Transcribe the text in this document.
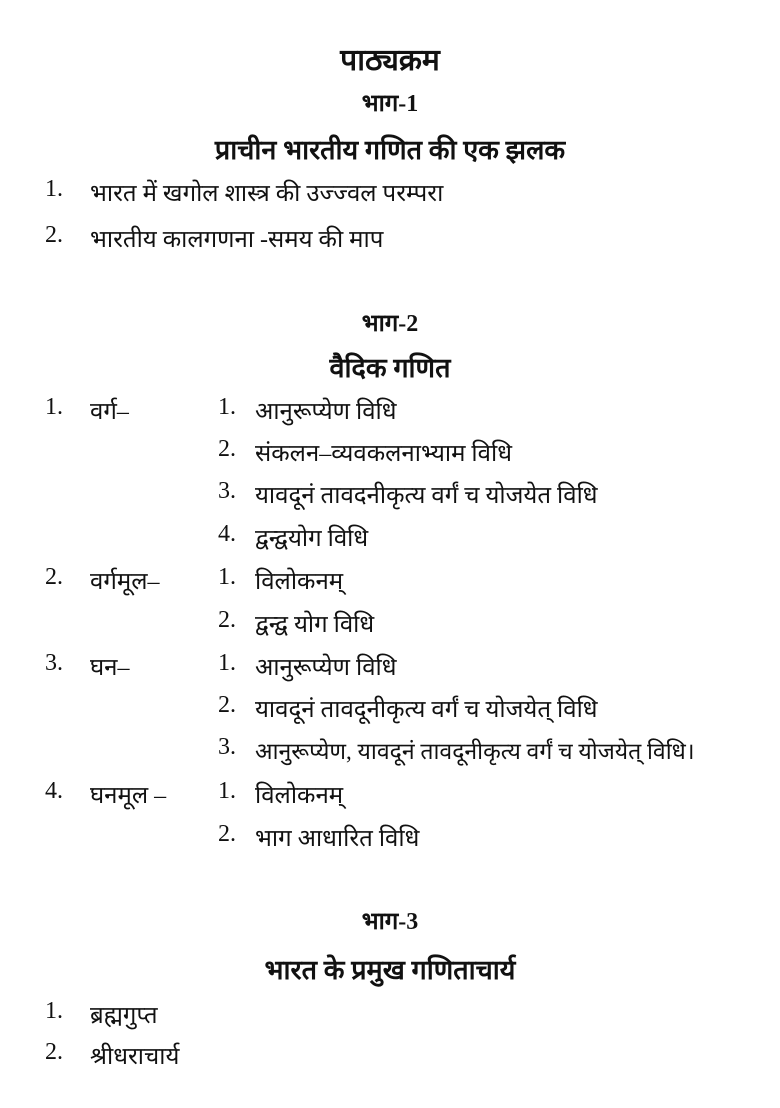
पाठ्यक्रम
भाग-1
प्राचीन भारतीय गणित की एक झलक
1. भारत में खगोल शास्त्र की उज्ज्वल परम्परा
2. भारतीय कालगणना -समय की माप
भाग-2
वैदिक गणित
1. वर्ग–	1. आनुरूप्येण विधि
2. संकलन–व्यवकलनाभ्याम विधि
3. यावदूनं तावदनीकृत्य वर्गं च योजयेत विधि
4. द्वन्द्वयोग विधि
2. वर्गमूल– 1. विलोकनम्
2. द्वन्द्व योग विधि
3. घन–	1. आनुरूप्येण विधि
2. यावदूनं तावदूनीकृत्य वर्गं च योजयेत् विधि
3. आनुरूप्येण, यावदूनं तावदूनीकृत्य वर्गं च योजयेत् विधि।
4. घनमूल – 1. विलोकनम्
2. भाग आधारित विधि
भाग-3
भारत के प्रमुख गणिताचार्य
1. ब्रह्मगुप्त
2. श्रीधराचार्य
